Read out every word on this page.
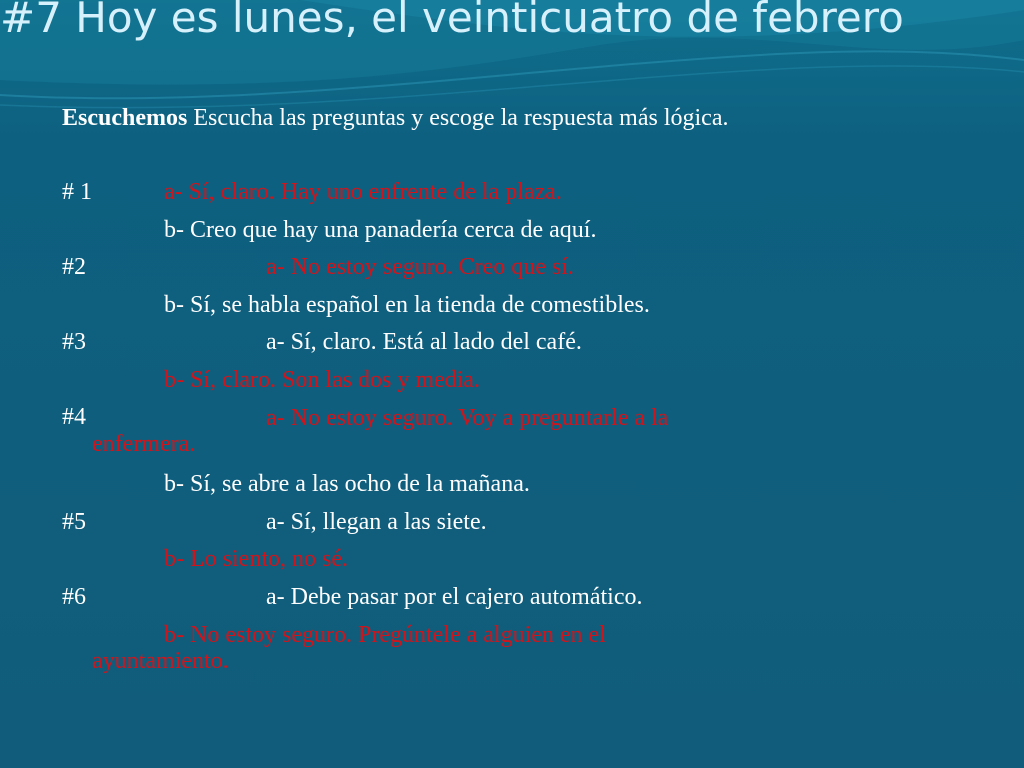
#7 Hoy es lunes, el veinticuatro de febrero
Escuchemos Escucha las preguntas y escoge la respuesta más lógica.
# 1	a- Sí, claro. Hay uno enfrente de la plaza.
b- Creo que hay una panadería cerca de aquí.
#2	a- No estoy seguro. Creo que sí.
b- Sí, se habla español en la tienda de comestibles.
#3	a- Sí, claro. Está al lado del café.
b- Sí, claro. Son las dos y media.
#4	a- No estoy seguro. Voy a preguntarle a la
enfermera.
b- Sí, se abre a las ocho de la mañana.
#5	a- Sí, llegan a las siete.
b- Lo siento, no sé.
#6	a- Debe pasar por el cajero automático.
b- No estoy seguro. Pregúntele a alguien en el
ayuntamiento.
